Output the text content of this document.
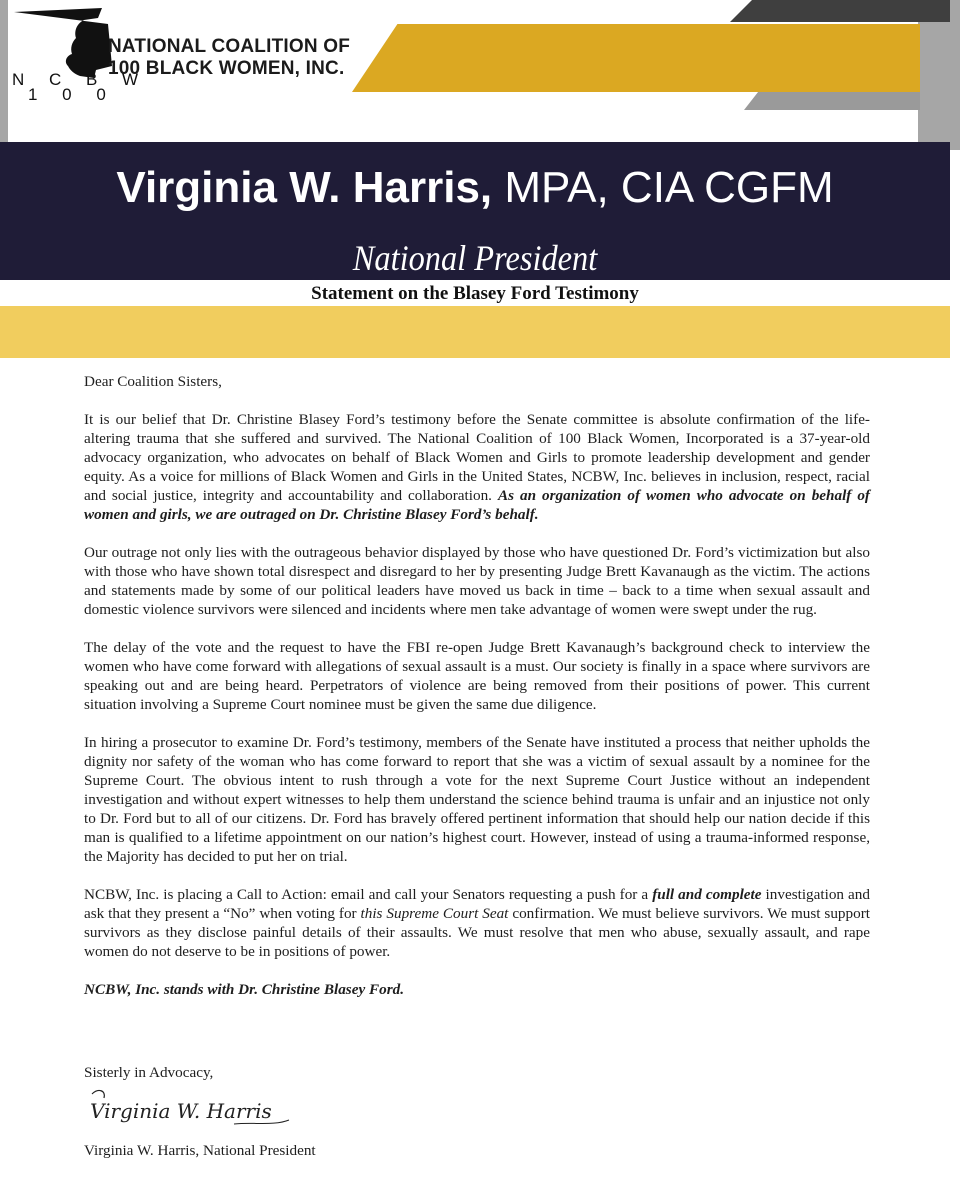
N C B W
1 0 0
NATIONAL COALITION OF
100 BLACK WOMEN, INC.
Virginia W. Harris, MPA, CIA CGFM
National President
Statement on the Blasey Ford Testimony

Dear Coalition Sisters,

It is our belief that Dr. Christine Blasey Ford’s testimony before the Senate committee is absolute confirmation of the life-altering trauma that she suffered and survived. The National Coalition of 100 Black Women, Incorporated is a 37-year-old advocacy organization, who advocates on behalf of Black Women and Girls to promote leadership development and gender equity. As a voice for millions of Black Women and Girls in the United States, NCBW, Inc. believes in inclusion, respect, racial and social justice, integrity and accountability and collaboration. As an organization of women who advocate on behalf of women and girls, we are outraged on Dr. Christine Blasey Ford’s behalf.

Our outrage not only lies with the outrageous behavior displayed by those who have questioned Dr. Ford’s victimization but also with those who have shown total disrespect and disregard to her by presenting Judge Brett Kavanaugh as the victim. The actions and statements made by some of our political leaders have moved us back in time – back to a time when sexual assault and domestic violence survivors were silenced and incidents where men take advantage of women were swept under the rug.

The delay of the vote and the request to have the FBI re-open Judge Brett Kavanaugh’s background check to interview the women who have come forward with allegations of sexual assault is a must. Our society is finally in a space where survivors are speaking out and are being heard. Perpetrators of violence are being removed from their positions of power. This current situation involving a Supreme Court nominee must be given the same due diligence.

In hiring a prosecutor to examine Dr. Ford’s testimony, members of the Senate have instituted a process that neither upholds the dignity nor safety of the woman who has come forward to report that she was a victim of sexual assault by a nominee for the Supreme Court. The obvious intent to rush through a vote for the next Supreme Court Justice without an independent investigation and without expert witnesses to help them understand the science behind trauma is unfair and an injustice not only to Dr. Ford but to all of our citizens. Dr. Ford has bravely offered pertinent information that should help our nation decide if this man is qualified to a lifetime appointment on our nation’s highest court. However, instead of using a trauma-informed response, the Majority has decided to put her on trial.

NCBW, Inc. is placing a Call to Action: email and call your Senators requesting a push for a full and complete investigation and ask that they present a “No” when voting for this Supreme Court Seat confirmation. We must believe survivors. We must support survivors as they disclose painful details of their assaults. We must resolve that men who abuse, sexually assault, and rape women do not deserve to be in positions of power.

NCBW, Inc. stands with Dr. Christine Blasey Ford.

Sisterly in Advocacy,
Virginia W. Harris
Virginia W. Harris, National President
